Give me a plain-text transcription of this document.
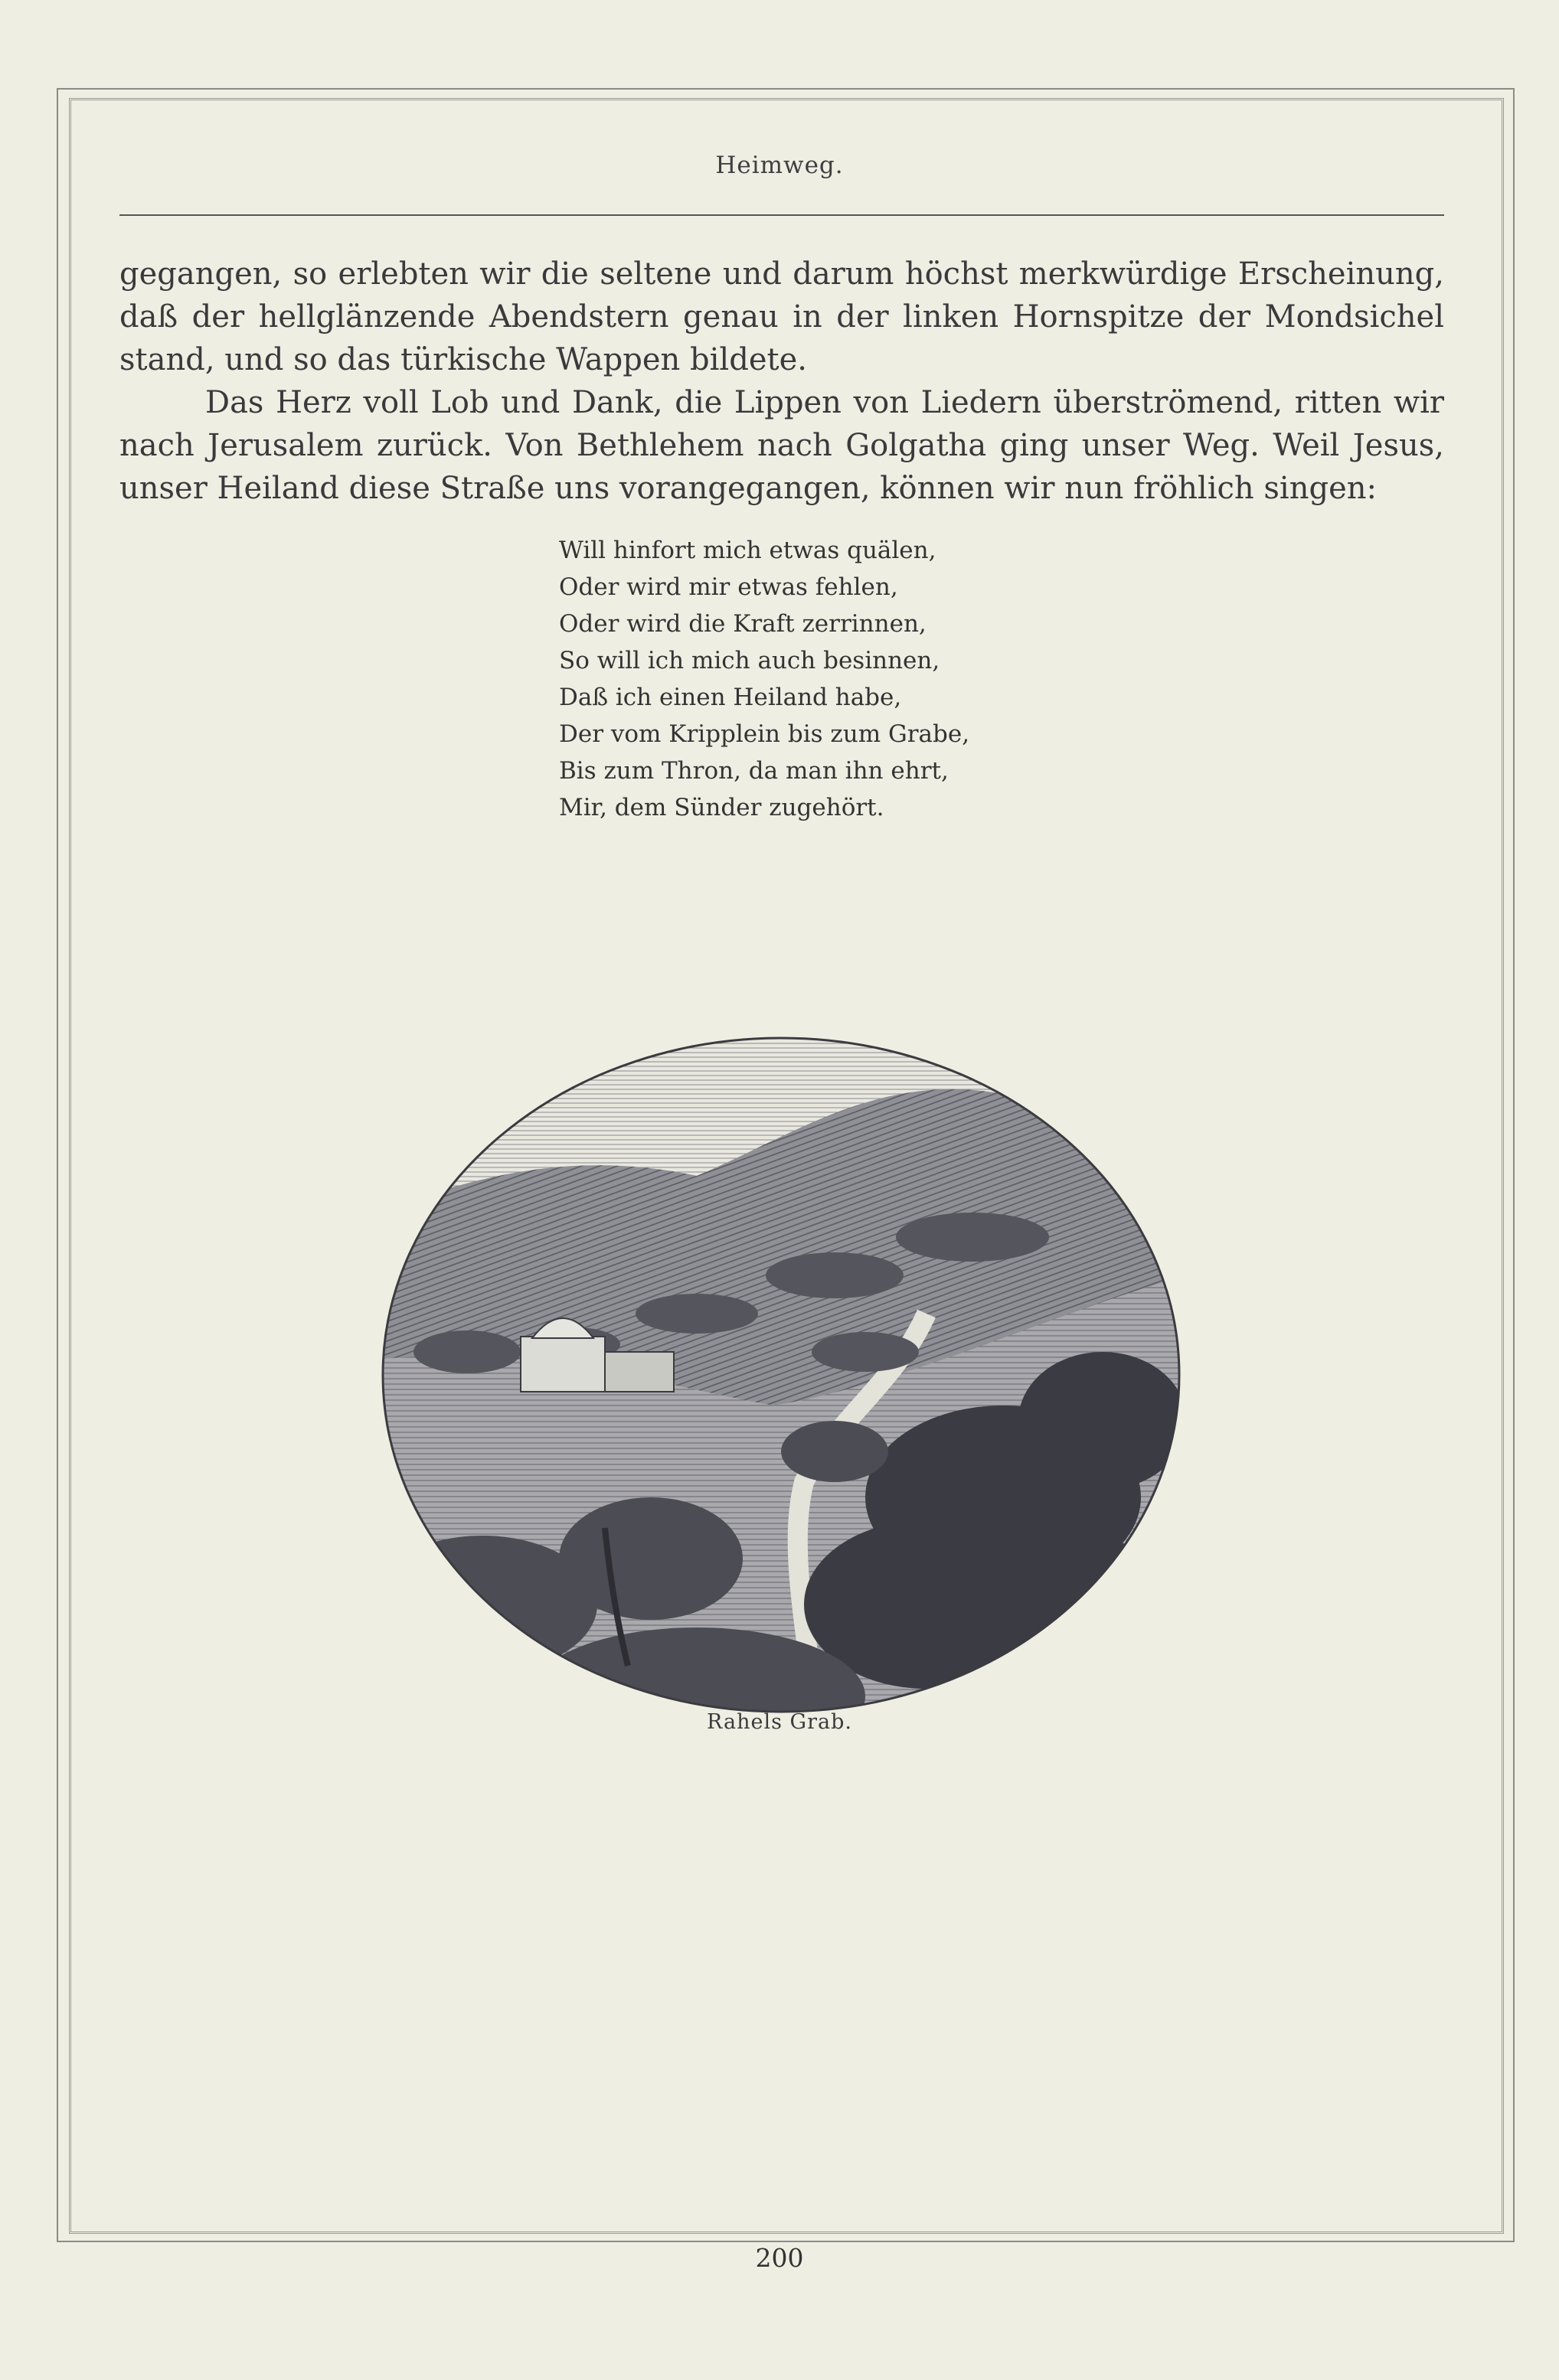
Heimweg.

gegangen, so erlebten wir die seltene und darum höchst merkwürdige Erscheinung, daß der hellglänzende Abendstern genau in der linken Hornspitze der Mondsichel stand, und so das türkische Wappen bildete.

Das Herz voll Lob und Dank, die Lippen von Liedern überströmend, ritten wir nach Jerusalem zurück. Von Bethlehem nach Golgatha ging unser Weg. Weil Jesus, unser Heiland diese Straße uns vorangegangen, können wir nun fröhlich singen:

Will hinfort mich etwas quälen,
Oder wird mir etwas fehlen,
Oder wird die Kraft zerrinnen,
So will ich mich auch besinnen,
Daß ich einen Heiland habe,
Der vom Kripplein bis zum Grabe,
Bis zum Thron, da man ihn ehrt,
Mir, dem Sünder zugehört.
Rahels Grab.
200
